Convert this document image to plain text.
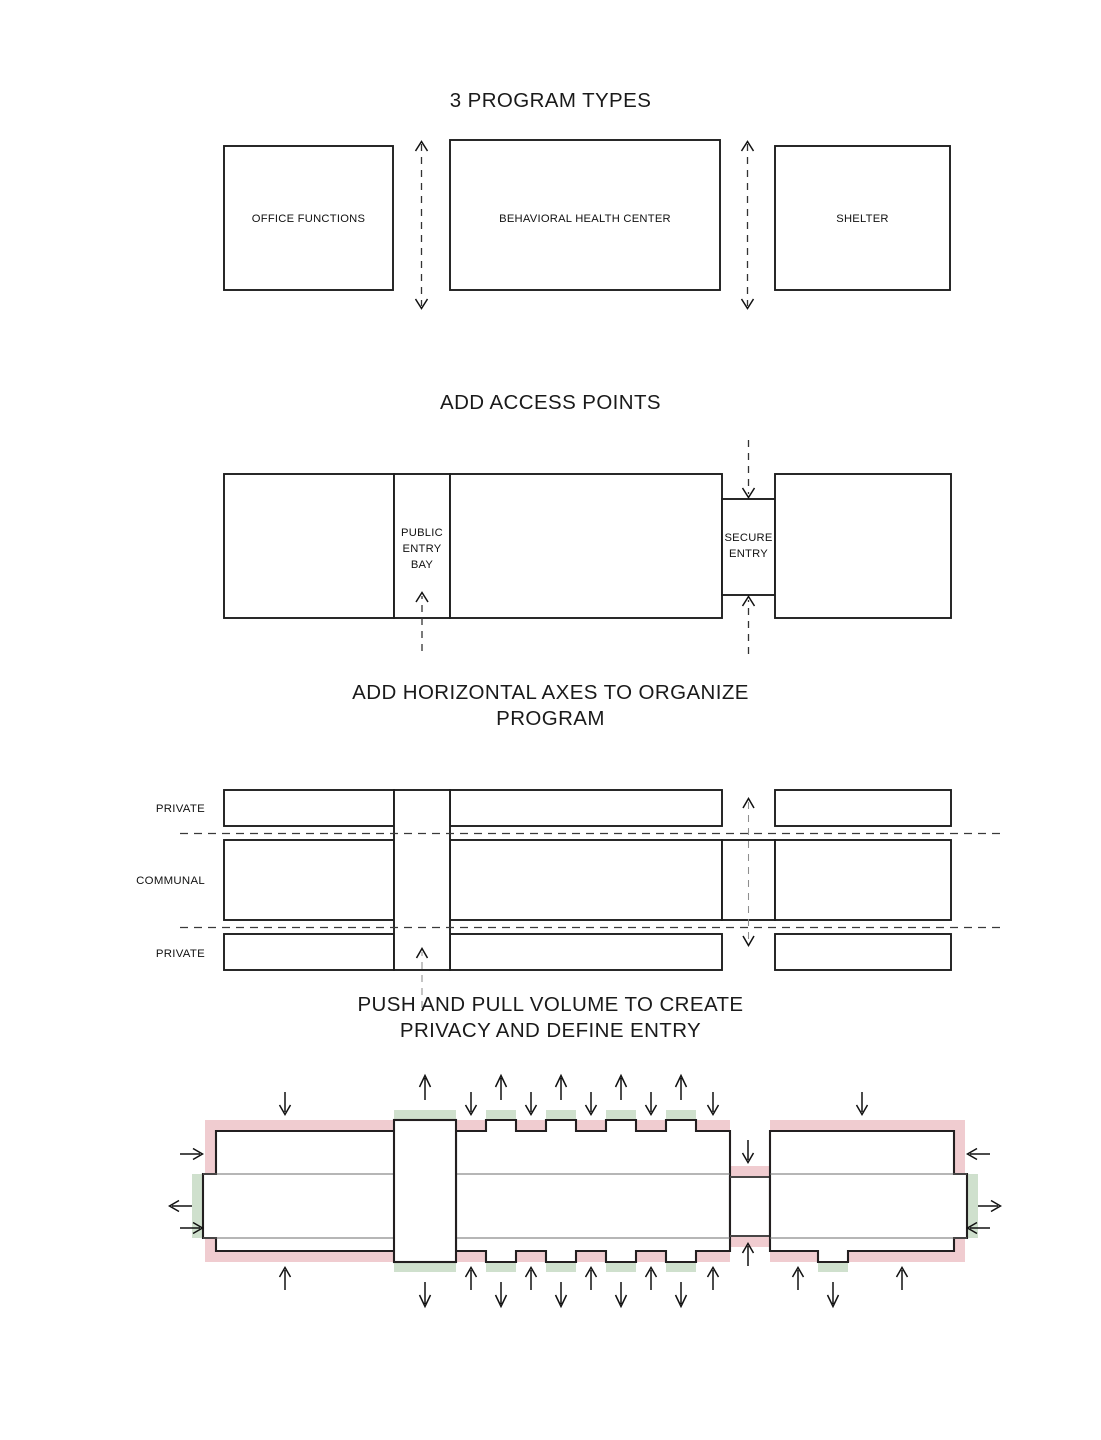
3 PROGRAM TYPES
OFFICE FUNCTIONS	BEHAVIORAL HEALTH CENTER	SHELTER
ADD ACCESS POINTS
PUBLIC
ENTRY
BAY
SECURE
ENTRY
ADD HORIZONTAL AXES TO ORGANIZE
PROGRAM
PRIVATE
COMMUNAL
PRIVATE
PUSH AND PULL VOLUME TO CREATE
PRIVACY AND DEFINE ENTRY
